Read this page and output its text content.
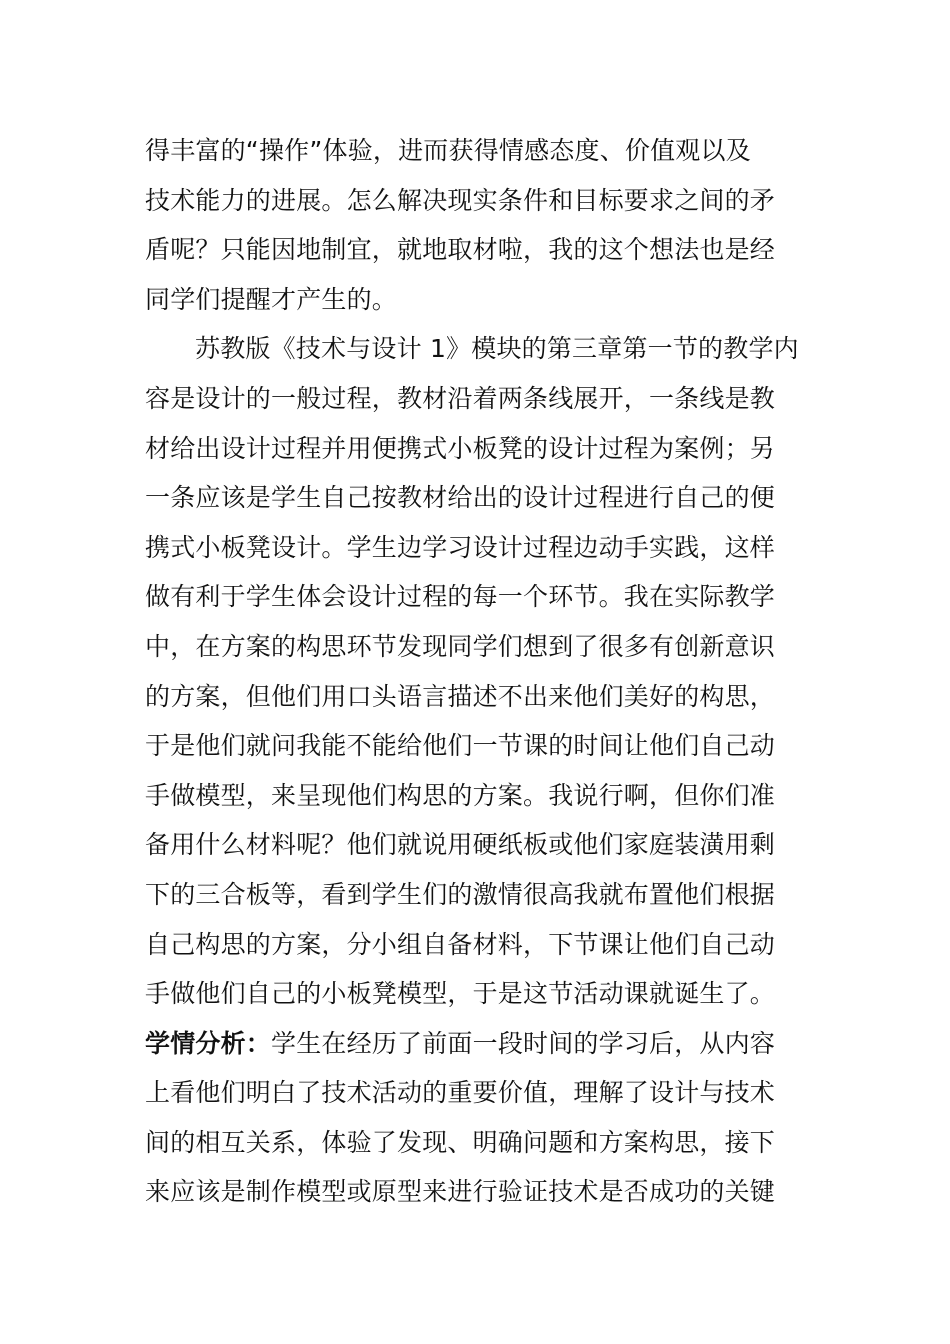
得丰富的“操作”体验，进而获得情感态度、价值观以及
技术能力的进展。怎么解决现实条件和目标要求之间的矛
盾呢？只能因地制宜，就地取材啦，我的这个想法也是经
同学们提醒才产生的。
苏教版《技术与设计 1》模块的第三章第一节的教学内
容是设计的一般过程，教材沿着两条线展开，一条线是教
材给出设计过程并用便携式小板凳的设计过程为案例；另
一条应该是学生自己按教材给出的设计过程进行自己的便
携式小板凳设计。学生边学习设计过程边动手实践，这样
做有利于学生体会设计过程的每一个环节。我在实际教学
中，在方案的构思环节发现同学们想到了很多有创新意识
的方案，但他们用口头语言描述不出来他们美好的构思，
于是他们就问我能不能给他们一节课的时间让他们自己动
手做模型，来呈现他们构思的方案。我说行啊，但你们准
备用什么材料呢？他们就说用硬纸板或他们家庭装潢用剩
下的三合板等，看到学生们的激情很高我就布置他们根据
自己构思的方案，分小组自备材料，下节课让他们自己动
手做他们自己的小板凳模型，于是这节活动课就诞生了。
学情分析：学生在经历了前面一段时间的学习后，从内容
上看他们明白了技术活动的重要价值，理解了设计与技术
间的相互关系，体验了发现、明确问题和方案构思，接下
来应该是制作模型或原型来进行验证技术是否成功的关键
